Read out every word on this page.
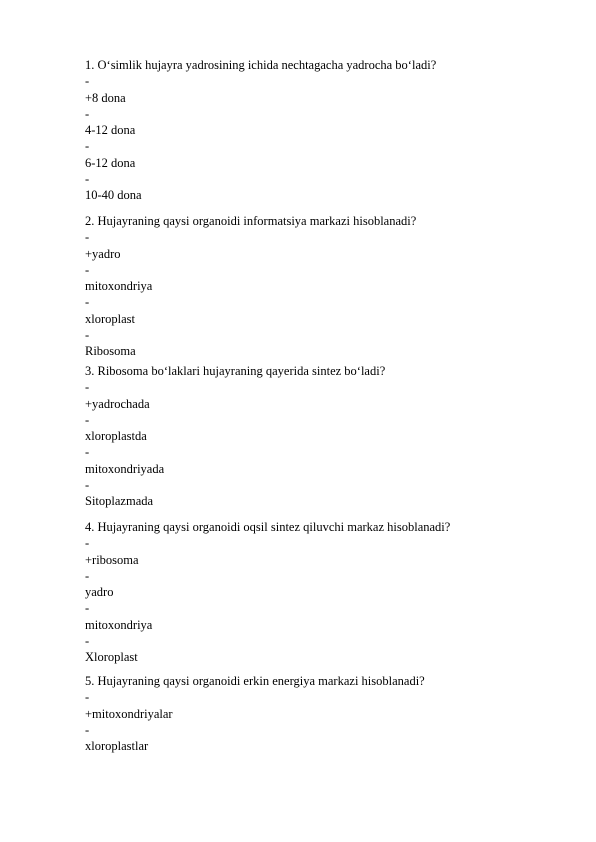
1. O‘simlik hujayra yadrosining ichida nechtagacha yadrocha bo‘ladi?
-
+8 dona
-
4-12 dona
-
6-12 dona
-
10-40 dona
2. Hujayraning qaysi organoidi informatsiya markazi hisoblanadi?
-
+yadro
-
mitoxondriya
-
xloroplast
-
Ribosoma
3. Ribosoma bo‘laklari hujayraning qayerida sintez bo‘ladi?
-
+yadrochada
-
xloroplastda
-
mitoxondriyada
-
Sitoplazmada
4. Hujayraning qaysi organoidi oqsil sintez qiluvchi markaz hisoblanadi?
-
+ribosoma
-
yadro
-
mitoxondriya
-
Xloroplast
5. Hujayraning qaysi organoidi erkin energiya markazi hisoblanadi?
-
+mitoxondriyalar
-
xloroplastlar
